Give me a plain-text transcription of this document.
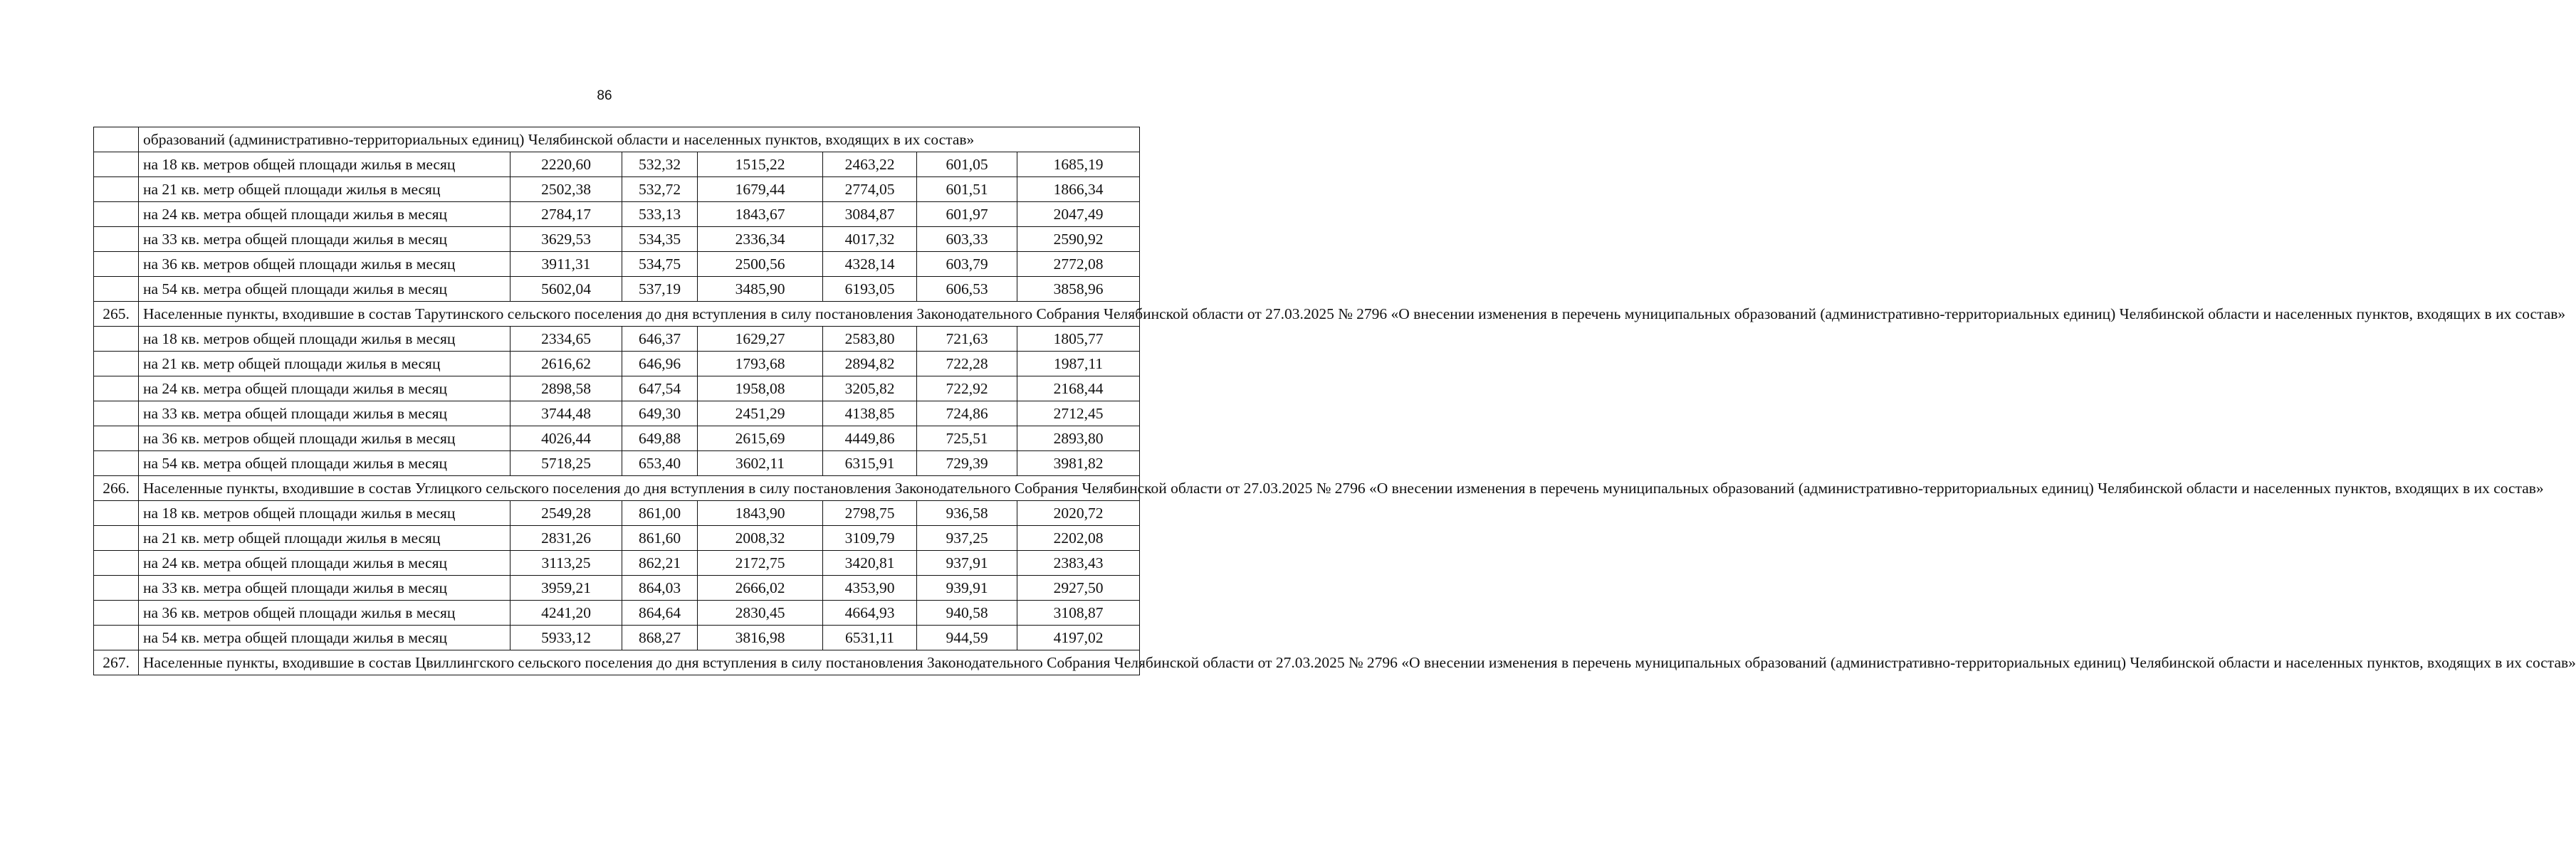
86
	образований (административно-территориальных единиц) Челябинской области и населенных пунктов, входящих в их состав»						
	на 18 кв. метров общей площади жилья в месяц	2220,60	532,32	1515,22	2463,22	601,05	1685,19
	на 21 кв. метр общей площади жилья в месяц	2502,38	532,72	1679,44	2774,05	601,51	1866,34
	на 24 кв. метра общей площади жилья в месяц	2784,17	533,13	1843,67	3084,87	601,97	2047,49
	на 33 кв. метра общей площади жилья в месяц	3629,53	534,35	2336,34	4017,32	603,33	2590,92
	на 36 кв. метров общей площади жилья в месяц	3911,31	534,75	2500,56	4328,14	603,79	2772,08
	на 54 кв. метра общей площади жилья в месяц	5602,04	537,19	3485,90	6193,05	606,53	3858,96
265.	Населенные пункты, входившие в состав Тарутинского сельского поселения до дня вступления в силу постановления Законодательного Собрания Челябинской области от 27.03.2025 № 2796 «О внесении изменения в перечень муниципальных образований (административно-территориальных единиц) Челябинской области и населенных пунктов, входящих в их состав»						
	на 18 кв. метров общей площади жилья в месяц	2334,65	646,37	1629,27	2583,80	721,63	1805,77
	на 21 кв. метр общей площади жилья в месяц	2616,62	646,96	1793,68	2894,82	722,28	1987,11
	на 24 кв. метра общей площади жилья в месяц	2898,58	647,54	1958,08	3205,82	722,92	2168,44
	на 33 кв. метра общей площади жилья в месяц	3744,48	649,30	2451,29	4138,85	724,86	2712,45
	на 36 кв. метров общей площади жилья в месяц	4026,44	649,88	2615,69	4449,86	725,51	2893,80
	на 54 кв. метра общей площади жилья в месяц	5718,25	653,40	3602,11	6315,91	729,39	3981,82
266.	Населенные пункты, входившие в состав Углицкого сельского поселения до дня вступления в силу постановления Законодательного Собрания Челябинской области от 27.03.2025 № 2796 «О внесении изменения в перечень муниципальных образований (административно-территориальных единиц) Челябинской области и населенных пунктов, входящих в их состав»						
	на 18 кв. метров общей площади жилья в месяц	2549,28	861,00	1843,90	2798,75	936,58	2020,72
	на 21 кв. метр общей площади жилья в месяц	2831,26	861,60	2008,32	3109,79	937,25	2202,08
	на 24 кв. метра общей площади жилья в месяц	3113,25	862,21	2172,75	3420,81	937,91	2383,43
	на 33 кв. метра общей площади жилья в месяц	3959,21	864,03	2666,02	4353,90	939,91	2927,50
	на 36 кв. метров общей площади жилья в месяц	4241,20	864,64	2830,45	4664,93	940,58	3108,87
	на 54 кв. метра общей площади жилья в месяц	5933,12	868,27	3816,98	6531,11	944,59	4197,02
267.	Населенные пункты, входившие в состав Цвиллингского сельского поселения до дня вступления в силу постановления Законодательного Собрания Челябинской области от 27.03.2025 № 2796 «О внесении изменения в перечень муниципальных образований (административно-территориальных единиц) Челябинской области и населенных пунктов, входящих в их состав»						
